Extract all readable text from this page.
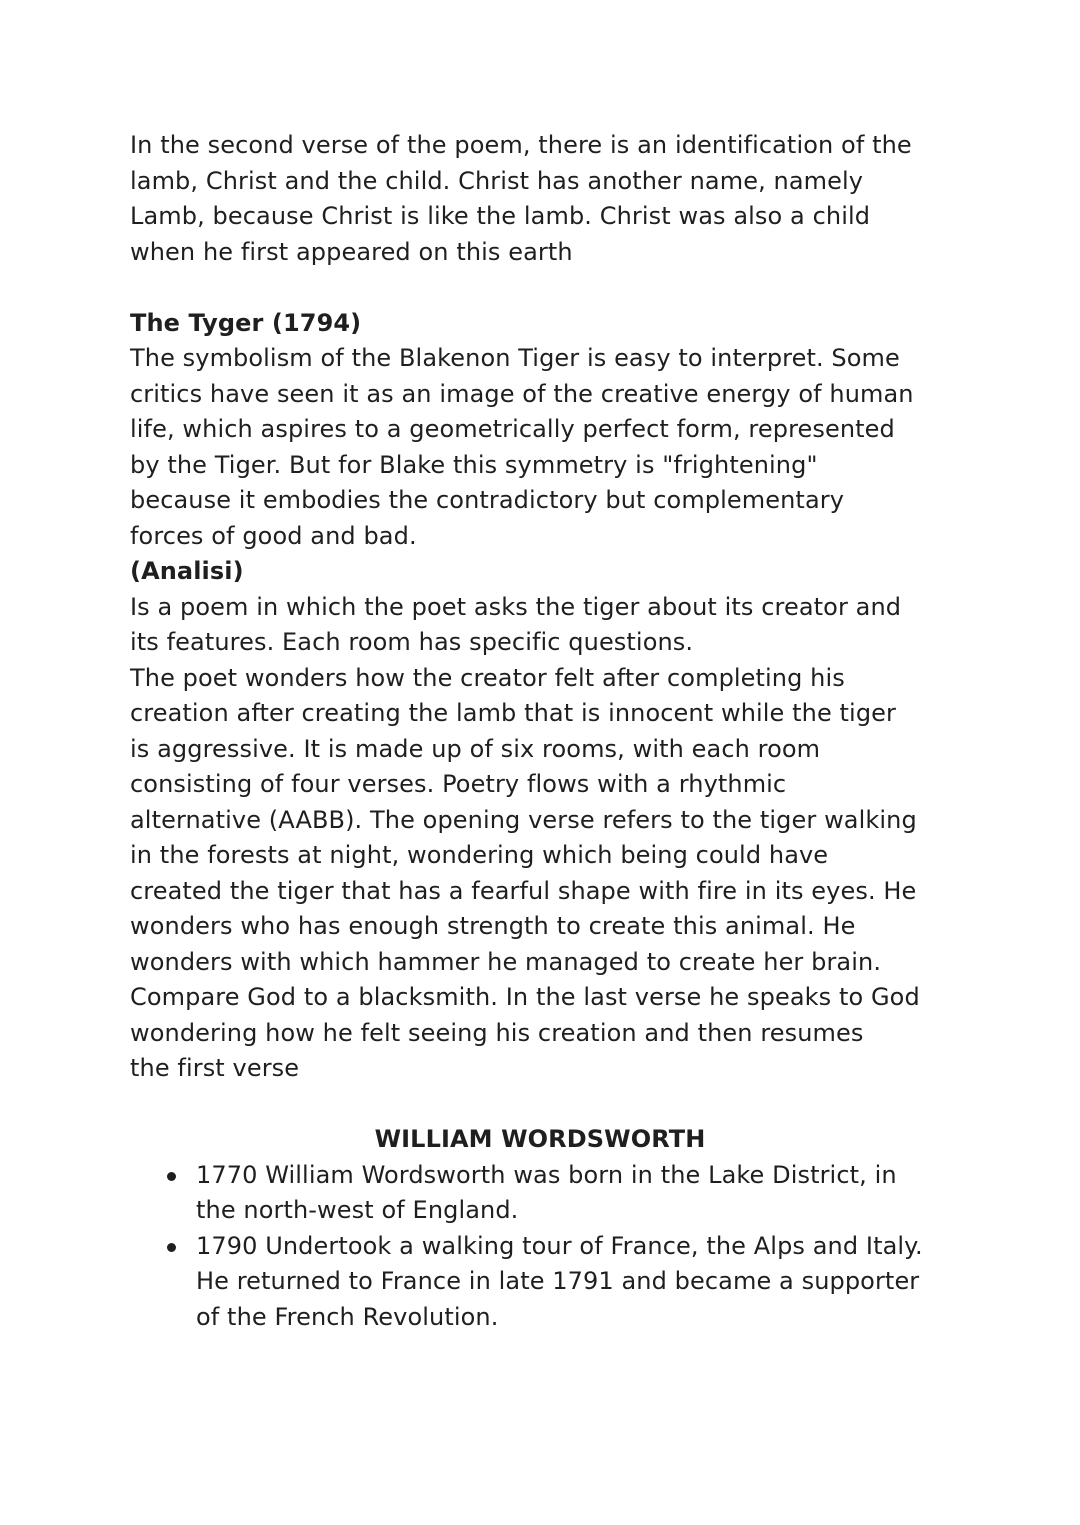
In the second verse of the poem, there is an identification of the
lamb, Christ and the child. Christ has another name, namely
Lamb, because Christ is like the lamb. Christ was also a child
when he first appeared on this earth
The Tyger (1794)
The symbolism of the Blakenon Tiger is easy to interpret. Some
critics have seen it as an image of the creative energy of human
life, which aspires to a geometrically perfect form, represented
by the Tiger. But for Blake this symmetry is "frightening"
because it embodies the contradictory but complementary
forces of good and bad.
(Analisi)
Is a poem in which the poet asks the tiger about its creator and
its features. Each room has specific questions.
The poet wonders how the creator felt after completing his
creation after creating the lamb that is innocent while the tiger
is aggressive. It is made up of six rooms, with each room
consisting of four verses. Poetry flows with a rhythmic
alternative (AABB). The opening verse refers to the tiger walking
in the forests at night, wondering which being could have
created the tiger that has a fearful shape with fire in its eyes. He
wonders who has enough strength to create this animal. He
wonders with which hammer he managed to create her brain.
Compare God to a blacksmith. In the last verse he speaks to God
wondering how he felt seeing his creation and then resumes
the first verse
WILLIAM WORDSWORTH
1770 William Wordsworth was born in the Lake District, in
the north-west of England.
1790 Undertook a walking tour of France, the Alps and Italy.
He returned to France in late 1791 and became a supporter
of the French Revolution.
